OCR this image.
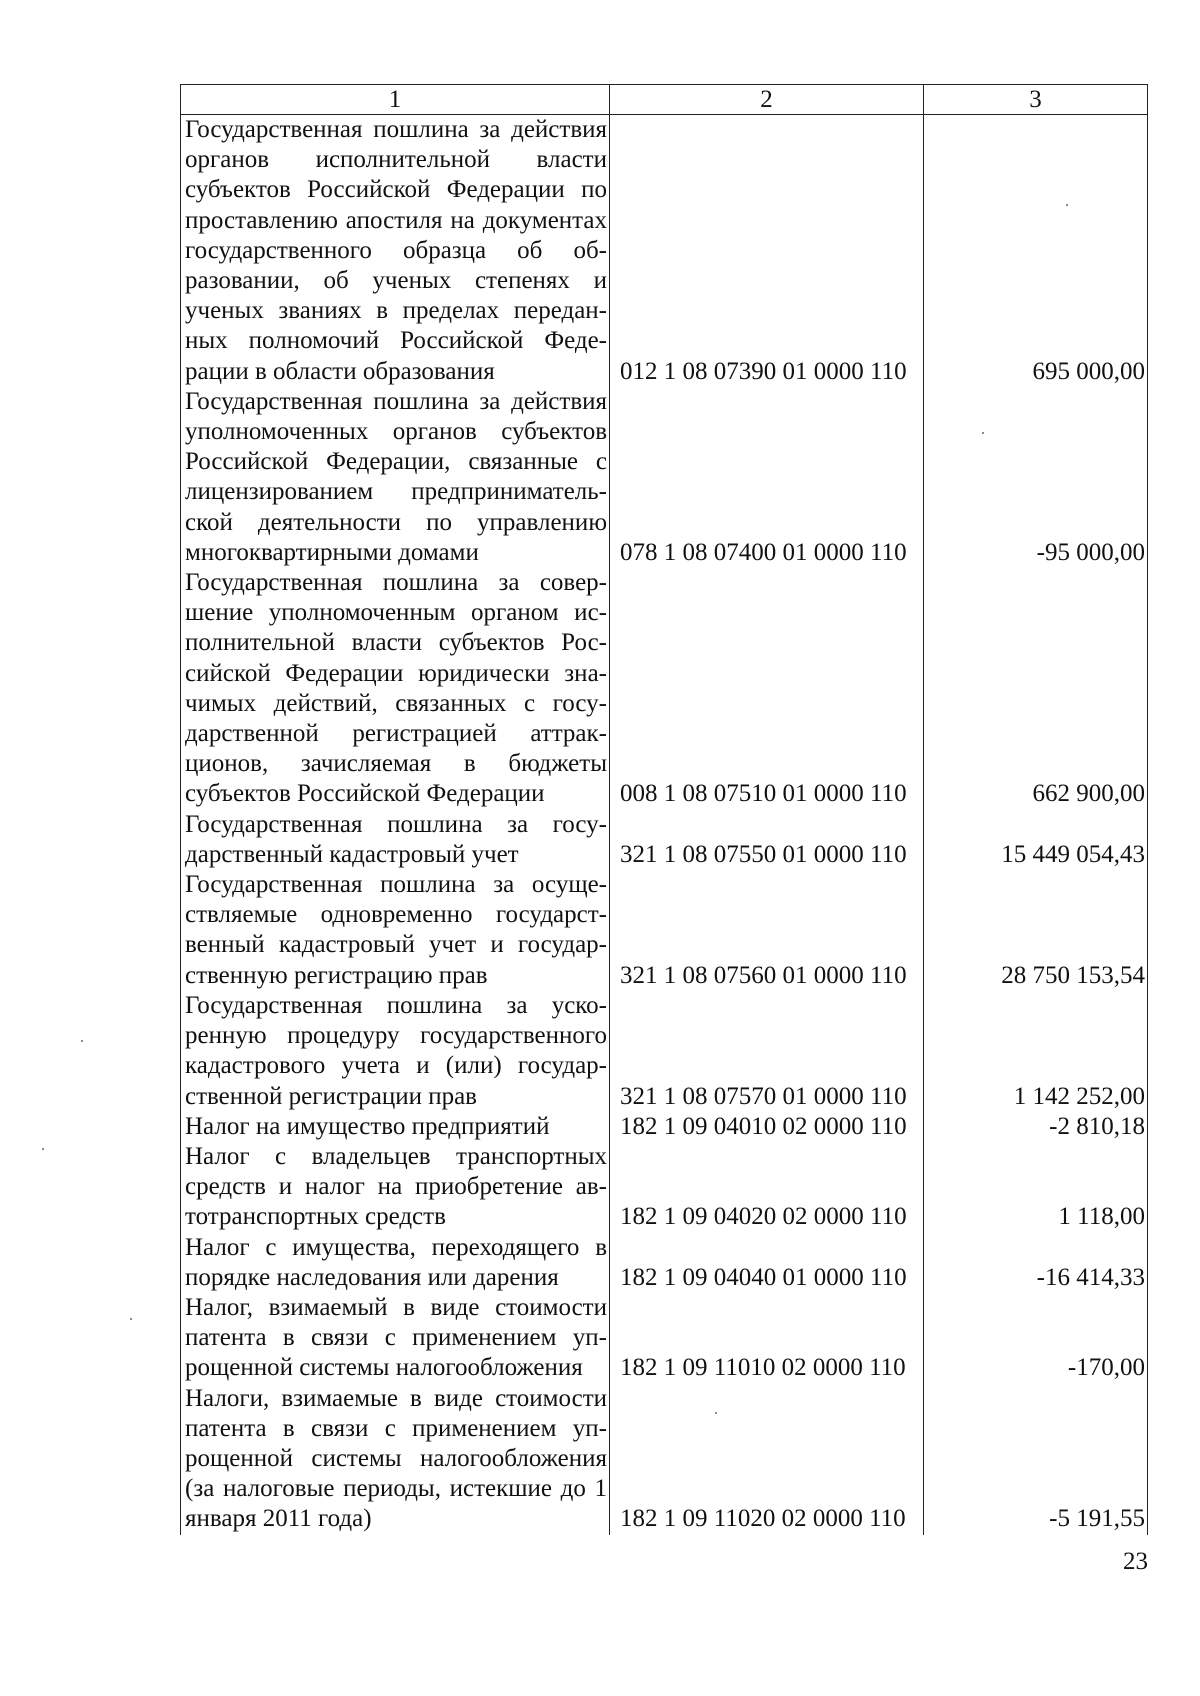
1	2	3
Государственная пошлина за действия органов исполнительной власти субъектов Российской Федерации по проставлению апостиля на документах государственного образца об образовании, об ученых степенях и ученых званиях в пределах переданных полномочий Российской Федерации в области образования	012 1 08 07390 01 0000 110	695 000,00
Государственная пошлина за действия уполномоченных органов субъектов Российской Федерации, связанные с лицензированием предпринимательской деятельности по управлению многоквартирными домами	078 1 08 07400 01 0000 110	-95 000,00
Государственная пошлина за совершение уполномоченным органом исполнительной власти субъектов Российской Федерации юридически значимых действий, связанных с государственной регистрацией аттракционов, зачисляемая в бюджеты субъектов Российской Федерации	008 1 08 07510 01 0000 110	662 900,00
Государственная пошлина за государственный кадастровый учет	321 1 08 07550 01 0000 110	15 449 054,43
Государственная пошлина за осуществляемые одновременно государственный кадастровый учет и государственную регистрацию прав	321 1 08 07560 01 0000 110	28 750 153,54
Государственная пошлина за ускоренную процедуру государственного кадастрового учета и (или) государственной регистрации прав	321 1 08 07570 01 0000 110	1 142 252,00
Налог на имущество предприятий	182 1 09 04010 02 0000 110	-2 810,18
Налог с владельцев транспортных средств и налог на приобретение автотранспортных средств	182 1 09 04020 02 0000 110	1 118,00
Налог с имущества, переходящего в порядке наследования или дарения	182 1 09 04040 01 0000 110	-16 414,33
Налог, взимаемый в виде стоимости патента в связи с применением упрощенной системы налогообложения	182 1 09 11010 02 0000 110	-170,00
Налоги, взимаемые в виде стоимости патента в связи с применением упрощенной системы налогообложения (за налоговые периоды, истекшие до 1 января 2011 года)	182 1 09 11020 02 0000 110	-5 191,55
23
